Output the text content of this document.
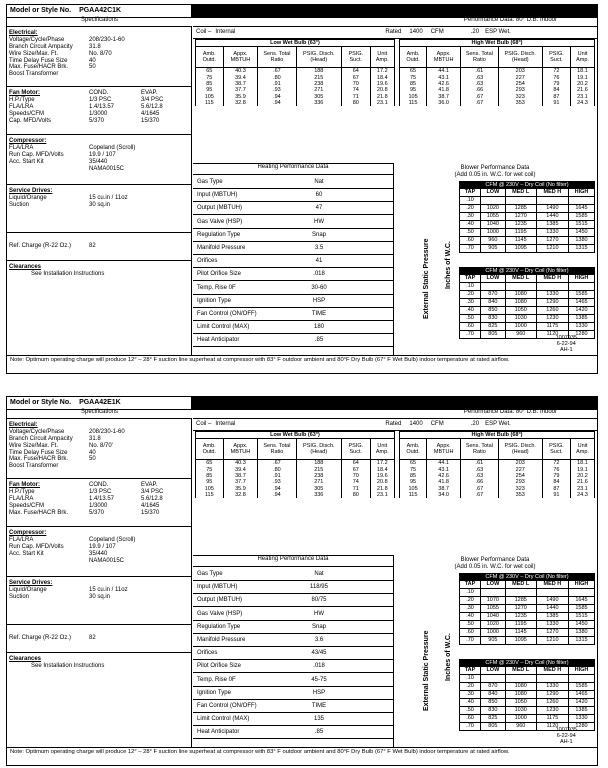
Model or Style No. PGAA42C1K
Specifications	Performance Data: 80° D.B. Indoor
Electrical:
Voltage/Cycle/Phase	208/230-1-60
Branch Circuit Ampacity	31.8
Wire Size/Max. Ft.	No. 8/70
Time Delay Fuse Size	40
Max. Fuse/HACR Brk.	50
Boost Transformer
Fan Motor:	COND.	EVAP.
H.P./Type	1/3 PSC	3/4 PSC
FLA/LRA	1.4/13.57	5.6/12.8
Speeds/CFM	1/3000	4/1645
Cap. MFD/Volts	5/370	15/370
Compressor:
FLA/LRA	Copeland (Scroll)
Run Cap. MFD/Volts	19.9 / 107
Acc. Start Kit	35/440
NAMA0015C
Service Drives:
Liquid/Orange	15 cu.in / 11oz
Suction	30 sq.in
Ref. Charge (R-22 Oz.)	82
Clearances
See Installation Instructions
Coil – Internal	Rated 1400 CFM	.20 ESP Wet.
Low Wet Bulb (63°)					
Amb. Outd.	Appx. MBTUH	Sens. Total Ratio	PSIG. Disch. (Head)	PSIG. Suct.	Unit Amp.
65	40.3	.67	188	64	17.2
75	39.4	.80	215	67	18.4
85	38.7	.91	238	70	19.6
95	37.7	.93	271	74	20.8
105	35.9	.94	305	71	21.8
115	32.8	.94	336	80	23.1
High Wet Bulb (68°)					
Amb. Outd.	Appx. MBTUH	Sens. Total Ratio	PSIG. Disch. (Head)	PSIG. Suct.	Unit Amp.
65	44.1	.61	203	72	18.1
75	43.1	.63	227	76	19.1
85	42.6	.63	254	79	20.2
95	41.8	.66	293	84	21.6
105	38.7	.67	323	87	23.1
115	36.0	.67	353	91	24.3
Heating Performance Data
Gas Type	Nat
Input (MBTUH)	60
Output (MBTUH)	47
Gas Valve (HSP)	HW
Regulation Type	Snap
Manifold Pressure	3.5
Orifices	41
Pilot Orifice Size	.018
Temp. Rise 0F	30-60
Ignition Type	HSP
Fan Control (ON/OFF)	TIME
Limit Control (MAX)	180
Heat Anticipator	.85
Blower Performance Data
(Add 0.05 in. W.C. for wet coil)
External Static Pressure Inches of W.C.
CFM @ 230V – Dry Coil (No filter)				
TAP	LOW	MED L	MED H	HIGH
.10				
.20	1020	1285	1490	1645
.30	1055	1270	1440	1585
.40	1040	1235	1385	1515
.50	1000	1195	1330	1450
.60	960	1145	1270	1380
.70	905	1095	1210	1315
CFM @ 230V – Dry Coil (No filter)				
TAP	LOW	MED L	MED H	HIGH
.10				
.20	870	1080	1330	1585
.30	840	1080	1290	1465
.40	850	1050	1260	1420
.50	830	1030	1230	1385
.60	825	1000	1175	1330
.70	805	960	1120	1280
1007935
6-22-94
AH-1
Note: Optimum operating charge will produce 12° – 28° F suction line superheat at compressor with 83° F outdoor ambient and 80°F Dry Bulb (67° F Wet Bulb) indoor temperature at rated airflow.
Model or Style No. PGAA42E1K
Specifications	Performance Data: 80° D.B. Indoor
Electrical:
Voltage/Cycle/Phase	208/230-1-60
Branch Circuit Ampacity	31.8
Wire Size/Max. Ft.	No. 8/70'
Time Delay Fuse Size	40
Max. Fuse/HACR Brk.	50
Boost Transformer
Fan Motor:	COND.	EVAP.
H.P./Type	1/3 PSC	3/4 PSC
FLA/LRA	1.4/13.57	5.6/12.8
Speeds/CFM	1/3000	4/1645
Max. Fuse/HACR Brk.	5/370	15/370
Compressor:
FLA/LRA	Copeland (Scroll)
Run Cap. MFD/Volts	19.9 / 107
Acc. Start Kit	35/440
NAMA0015C
Service Drives:
Liquid/Orange	15 cu.in / 11oz
Suction	30 sq.in
Ref. Charge (R-22 Oz.)	82
Clearances
See Installation Instructions
Coil – Internal	Rated 1400 CFM	.20 ESP Wet.
Low Wet Bulb (63°)					
Amb. Outd.	Appx. MBTUH	Sens. Total Ratio	PSIG. Disch. (Head)	PSIG. Suct.	Unit Amp.
65	40.3	.67	188	64	17.2
75	39.4	.80	215	67	18.4
85	38.7	.91	238	70	19.6
95	37.7	.93	271	74	20.8
105	35.9	.94	305	71	21.8
115	32.8	.94	336	80	23.1
High Wet Bulb (68°)					
Amb. Outd.	Appx. MBTUH	Sens. Total Ratio	PSIG. Disch. (Head)	PSIG. Suct.	Unit Amp.
65	44.1	.61	203	72	18.1
75	43.1	.63	227	76	19.1
85	42.6	.63	254	79	20.2
95	41.8	.66	293	84	21.6
105	38.7	.67	323	87	23.1
115	34.0	.67	353	91	24.3
Heating Performance Data
Gas Type	Nat
Input (MBTUH)	118/95
Output (MBTUH)	80/75
Gas Valve (HSP)	HW
Regulation Type	Snap
Manifold Pressure	3.6
Orifices	43/45
Pilot Orifice Size	.018
Temp. Rise 0F	45-75
Ignition Type	HSP
Fan Control (ON/OFF)	TIME
Limit Control (MAX)	135
Heat Anticipator	.85
Blower Performance Data
(Add 0.05 in. W.C. for wet coil)
External Static Pressure Inches of W.C.
CFM @ 230V – Dry Coil (No filter)				
TAP	LOW	MED L	MED H	HIGH
.10				
.20	1070	1285	1490	1645
.30	1055	1270	1440	1585
.40	1040	1235	1385	1515
.50	1020	1195	1330	1450
.60	1000	1145	1270	1380
.70	905	1095	1210	1315
CFM @ 230V – Dry Coil (No filter)				
TAP	LOW	MED L	MED H	HIGH
.10				
.20	870	1080	1330	1585
.30	840	1080	1290	1465
.40	850	1050	1260	1420
.50	830	1030	1230	1385
.60	825	1000	1175	1330
.70	805	960	1120	1280
1007935
6-22-94
AH-1
Note: Optimum operating charge will produce 12° – 28° F suction line superheat at compressor with 83° F outdoor ambient and 80°F Dry Bulb (67° F Wet Bulb) indoor temperature at rated airflow.
